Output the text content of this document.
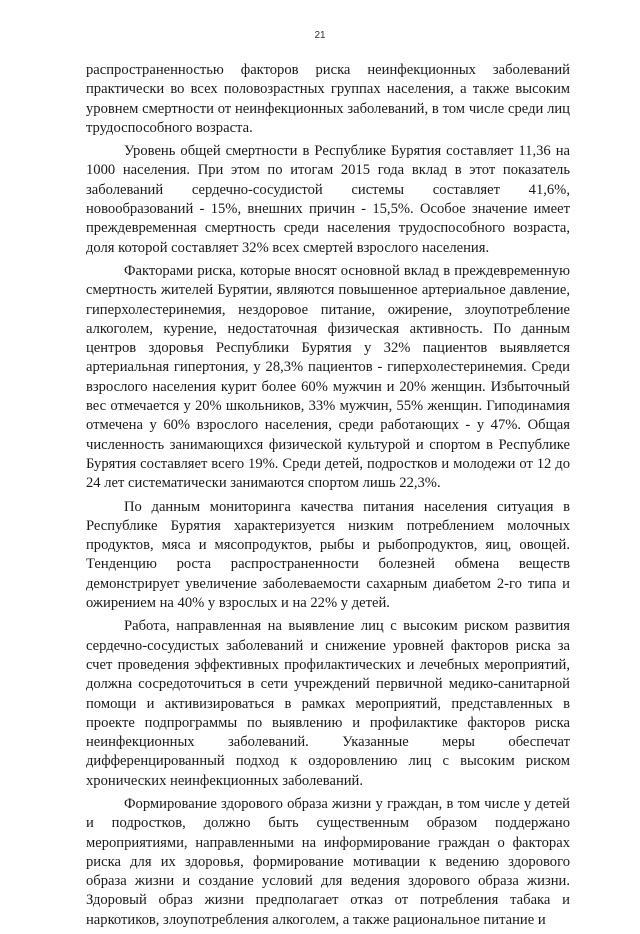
21

распространенностью факторов риска неинфекционных заболеваний практически во всех половозрастных группах населения, а также высоким уровнем смертности от неинфекционных заболеваний, в том числе среди лиц трудоспособного возраста.

Уровень общей смертности в Республике Бурятия составляет 11,36 на 1000 населения. При этом по итогам 2015 года вклад в этот показатель заболеваний сердечно-сосудистой системы составляет 41,6%, новообразований - 15%, внешних причин - 15,5%. Особое значение имеет преждевременная смертность среди населения трудоспособного возраста, доля которой составляет 32% всех смертей взрослого населения.

Факторами риска, которые вносят основной вклад в преждевременную смертность жителей Бурятии, являются повышенное артериальное давление, гиперхолестеринемия, нездоровое питание, ожирение, злоупотребление алкоголем, курение, недостаточная физическая активность. По данным центров здоровья Республики Бурятия у 32% пациентов выявляется артериальная гипертония, у 28,3% пациентов - гиперхолестеринемия. Среди взрослого населения курит более 60% мужчин и 20% женщин. Избыточный вес отмечается у 20% школьников, 33% мужчин, 55% женщин. Гиподинамия отмечена у 60% взрослого населения, среди работающих - у 47%. Общая численность занимающихся физической культурой и спортом в Республике Бурятия составляет всего 19%. Среди детей, подростков и молодежи от 12 до 24 лет систематически занимаются спортом лишь 22,3%.

По данным мониторинга качества питания населения ситуация в Республике Бурятия характеризуется низким потреблением молочных продуктов, мяса и мясопродуктов, рыбы и рыбопродуктов, яиц, овощей. Тенденцию роста распространенности болезней обмена веществ демонстрирует увеличение заболеваемости сахарным диабетом 2-го типа и ожирением на 40% у взрослых и на 22% у детей.

Работа, направленная на выявление лиц с высоким риском развития сердечно-сосудистых заболеваний и снижение уровней факторов риска за счет проведения эффективных профилактических и лечебных мероприятий, должна сосредоточиться в сети учреждений первичной медико-санитарной помощи и активизироваться в рамках мероприятий, представленных в проекте подпрограммы по выявлению и профилактике факторов риска неинфекционных заболеваний. Указанные меры обеспечат дифференцированный подход к оздоровлению лиц с высоким риском хронических неинфекционных заболеваний.

Формирование здорового образа жизни у граждан, в том числе у детей и подростков, должно быть существенным образом поддержано мероприятиями, направленными на информирование граждан о факторах риска для их здоровья, формирование мотивации к ведению здорового образа жизни и создание условий для ведения здорового образа жизни. Здоровый образ жизни предполагает отказ от потребления табака и наркотиков, злоупотребления алкоголем, а также рациональное питание и
